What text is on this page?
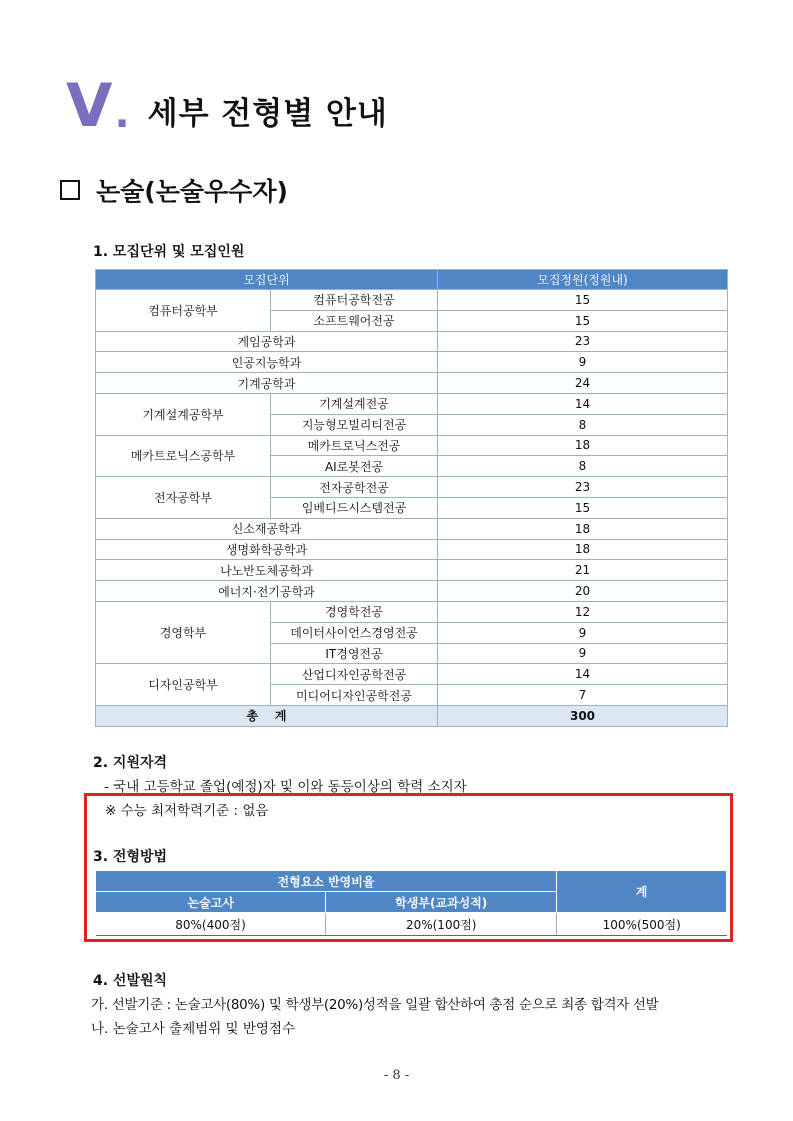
V . 세부 전형별 안내
논술(논술우수자)
1. 모집단위 및 모집인원
모집단위		모집정원(정원내)
컴퓨터공학부	컴퓨터공학전공	15
	소프트웨어전공	15
게임공학과		23
인공지능학과		9
기계공학과		24
기계설계공학부	기계설계전공	14
	지능형모빌리티전공	8
메카트로닉스공학부	메카트로닉스전공	18
	AI로봇전공	8
전자공학부	전자공학전공	23
	임베디드시스템전공	15
신소재공학과		18
생명화학공학과		18
나노반도체공학과		21
에너지·전기공학과		20
경영학부	경영학전공	12
	데이터사이언스경영전공	9
	IT경영전공	9
디자인공학부	산업디자인공학전공	14
	미디어디자인공학전공	7
총    계		300
2. 지원자격
- 국내 고등학교 졸업(예정)자 및 이와 동등이상의 학력 소지자
※ 수능 최저학력기준 : 없음
3. 전형방법
전형요소 반영비율		계
논술고사	학생부(교과성적)	
80%(400점)	20%(100점)	100%(500점)
4. 선발원칙
가. 선발기준 : 논술고사(80%) 및 학생부(20%)성적을 일괄 합산하여 총점 순으로 최종 합격자 선발
나. 논술고사 출제범위 및 반영점수
- 8 -
